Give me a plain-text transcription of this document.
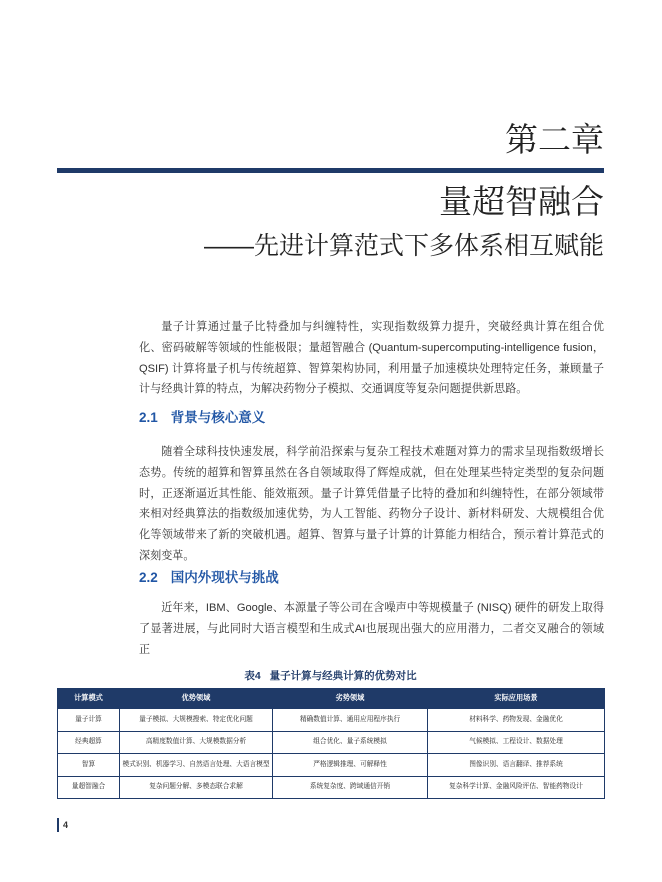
第二章
量超智融合
——先进计算范式下多体系相互赋能

量子计算通过量子比特叠加与纠缠特性，实现指数级算力提升，突破经典计算在组合优化、密码破解等领域的性能极限；量超智融合 (Quantum-supercomputing-intelligence fusion，QSIF) 计算将量子机与传统超算、智算架构协同，利用量子加速模块处理特定任务，兼顾量子计与经典计算的特点，为解决药物分子模拟、交通调度等复杂问题提供新思路。

2.1 背景与核心意义

随着全球科技快速发展，科学前沿探索与复杂工程技术难题对算力的需求呈现指数级增长态势。传统的超算和智算虽然在各自领域取得了辉煌成就，但在处理某些特定类型的复杂问题时，正逐渐逼近其性能、能效瓶颈。量子计算凭借量子比特的叠加和纠缠特性，在部分领域带来相对经典算法的指数级加速优势，为人工智能、药物分子设计、新材料研发、大规模组合优化等领域带来了新的突破机遇。超算、智算与量子计算的计算能力相结合，预示着计算范式的深刻变革。

2.2 国内外现状与挑战

近年来，IBM、Google、本源量子等公司在含噪声中等规模量子 (NISQ) 硬件的研发上取得了显著进展，与此同时大语言模型和生成式AI也展现出强大的应用潜力，二者交叉融合的领域正

表4 量子计算与经典计算的优势对比
计算模式	优势领域	劣势领域	实际应用场景
量子计算	量子模拟、大规模搜索、特定优化问题	精确数值计算、通用应用程序执行	材料科学、药物发现、金融优化
经典超算	高精度数值计算、大规模数据分析	组合优化、量子系统模拟	气候模拟、工程设计、数据处理
智算	模式识别、机器学习、自然语言处理、大语言模型	严格逻辑推理、可解释性	图像识别、语言翻译、推荐系统
量超智融合	复杂问题分解、多模态联合求解	系统复杂度、跨域通信开销	复杂科学计算、金融风险评估、智能药物设计
4
